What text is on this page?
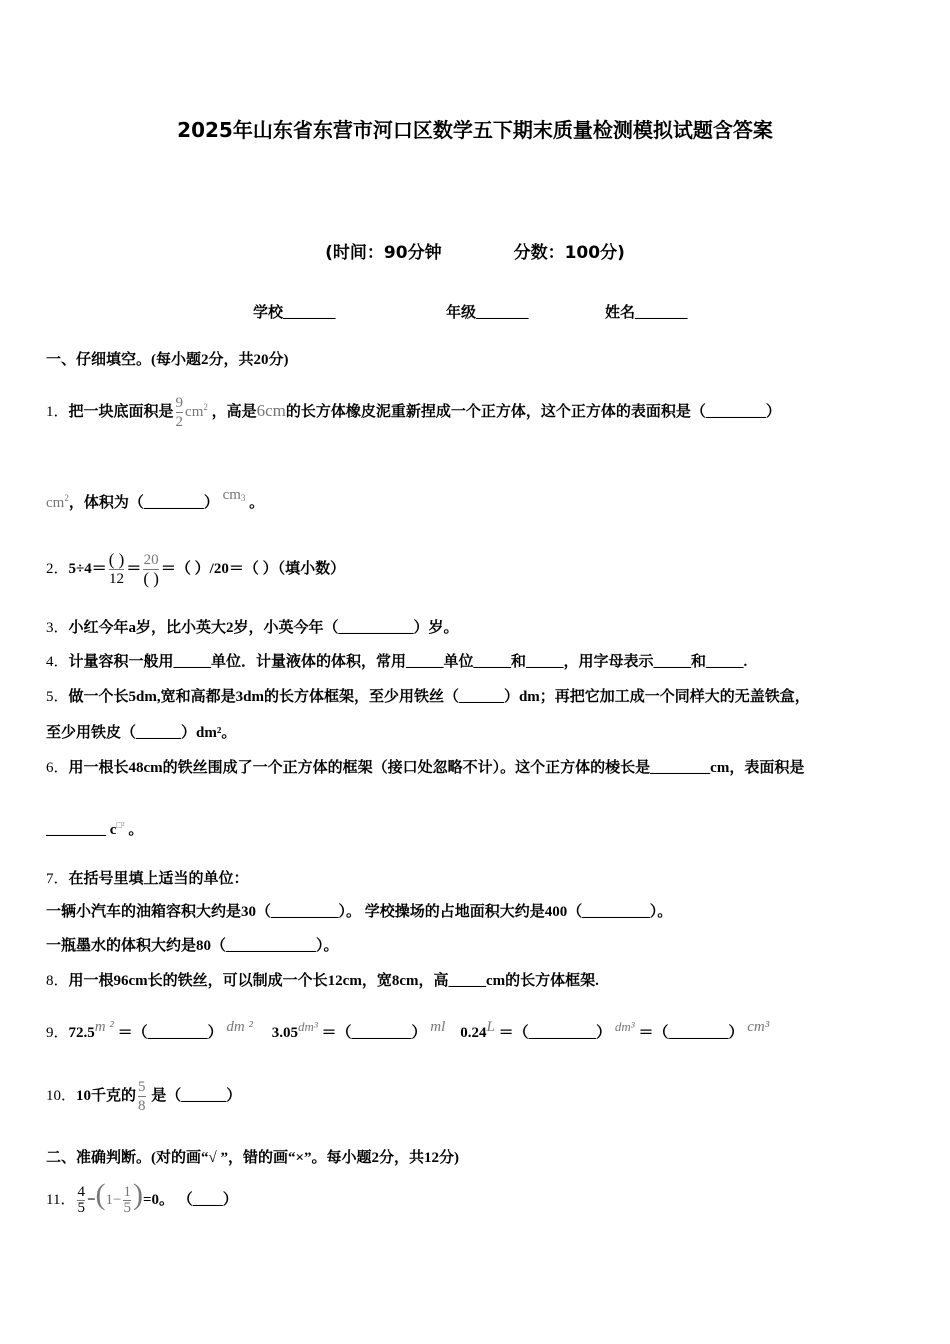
2025年山东省东营市河口区数学五下期末质量检测模拟试题含答案
(时间：90分钟	分数：100分)
学校_______	年级_______	姓名_______
一、仔细填空。(每小题2分，共20分)
1．把一块底面积是 $\frac{9}{2} cm^2$ ，高是6cm的长方体橡皮泥重新捏成一个正方体，这个正方体的表面积是（________）
$cm^2$，体积为（________） $cm^3$ 。
2．$5\div 4= \frac{( )}{12} = \frac{20}{( )}$ ＝（ ）/20＝（ ）（填小数）
3．小红今年a岁，比小英大2岁，小英今年（__________）岁。
4．计量容积一般用_____单位．计量液体的体积，常用_____单位_____和_____，用字母表示_____和_____.
5．做一个长5dm,宽和高都是3dm的长方体框架，至少用铁丝（______）dm；再把它加工成一个同样大的无盖铁盒，
至少用铁皮（______）dm²。
6．用一根长48cm的铁丝围成了一个正方体的框架（接口处忽略不计）。这个正方体的棱长是________cm，表面积是
________ $c^{□^2}$ 。
7．在括号里填上适当的单位：
一辆小汽车的油箱容积大约是30（_________）。 学校操场的占地面积大约是400（_________）。
一瓶墨水的体积大约是80（____________）。
8．用一根96cm长的铁丝，可以制成一个长12cm，宽8cm，高_____cm的长方体框架.
9．$72.5^{m ^2}$ ＝（________） $^{dm ^2}$ $3.05^{dm^3}$ ＝（________） $^{ml}$ $0.24^L$ ＝（_________） $^{dm^3}$ ＝（________） $^{cm^3}$
10．10千克的 $\frac{5}{8}$ 是（______）
二、准确判断。(对的画“√ ”，错的画“×”。每小题2分，共12分)
11． $\frac{4}{5} -(1- \frac{1}{5} )=0$。 （____）
